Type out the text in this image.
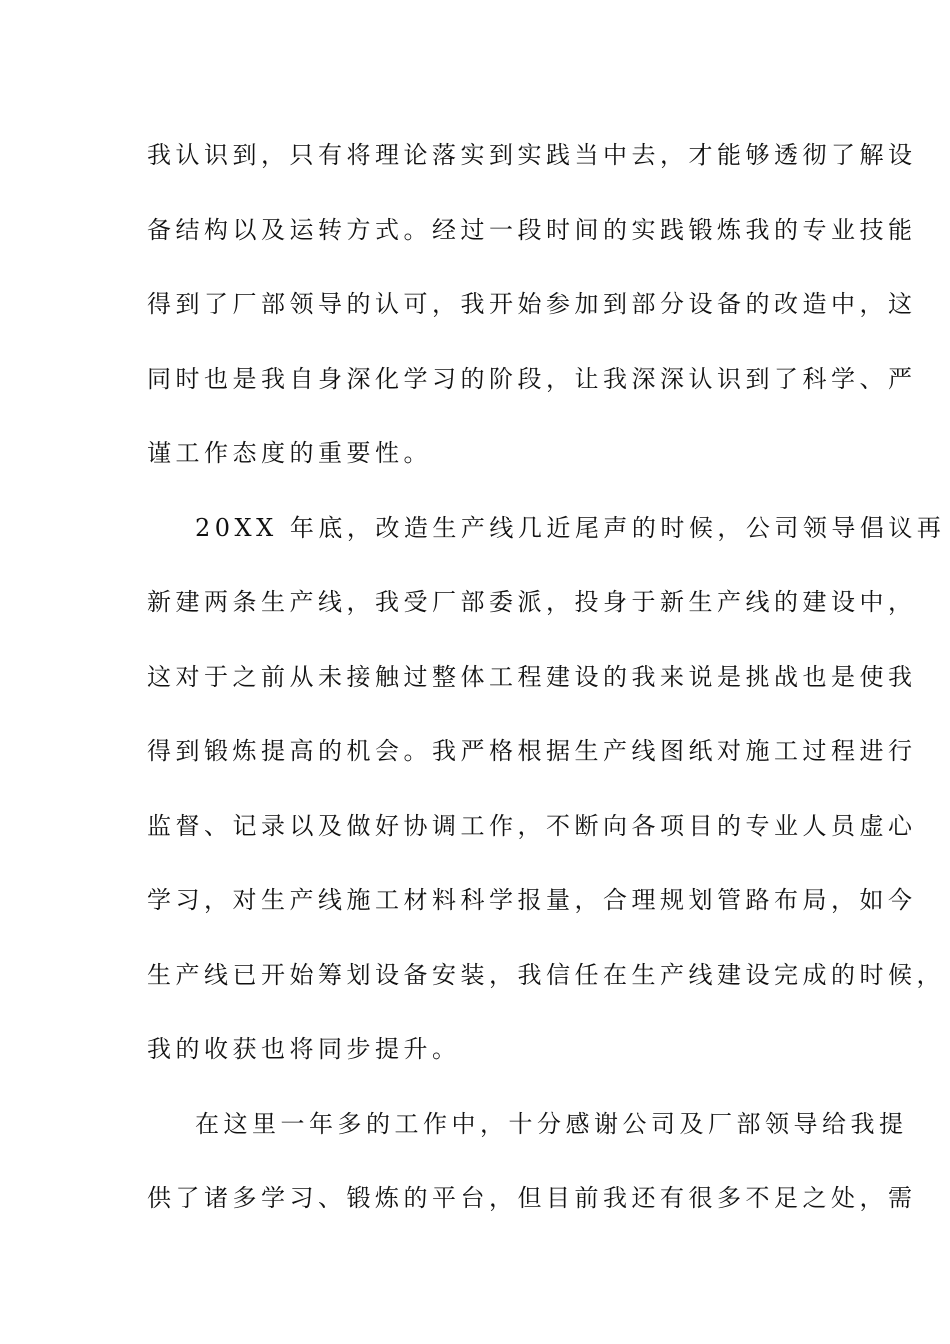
我认识到，只有将理论落实到实践当中去，才能够透彻了解设
备结构以及运转方式。经过一段时间的实践锻炼我的专业技能
得到了厂部领导的认可，我开始参加到部分设备的改造中，这
同时也是我自身深化学习的阶段，让我深深认识到了科学、严
谨工作态度的重要性。
20XX 年底，改造生产线几近尾声的时候，公司领导倡议再
新建两条生产线，我受厂部委派，投身于新生产线的建设中，
这对于之前从未接触过整体工程建设的我来说是挑战也是使我
得到锻炼提高的机会。我严格根据生产线图纸对施工过程进行
监督、记录以及做好协调工作，不断向各项目的专业人员虚心
学习，对生产线施工材料科学报量，合理规划管路布局，如今
生产线已开始筹划设备安装，我信任在生产线建设完成的时候，
我的收获也将同步提升。
在这里一年多的工作中，十分感谢公司及厂部领导给我提
供了诸多学习、锻炼的平台，但目前我还有很多不足之处，需
